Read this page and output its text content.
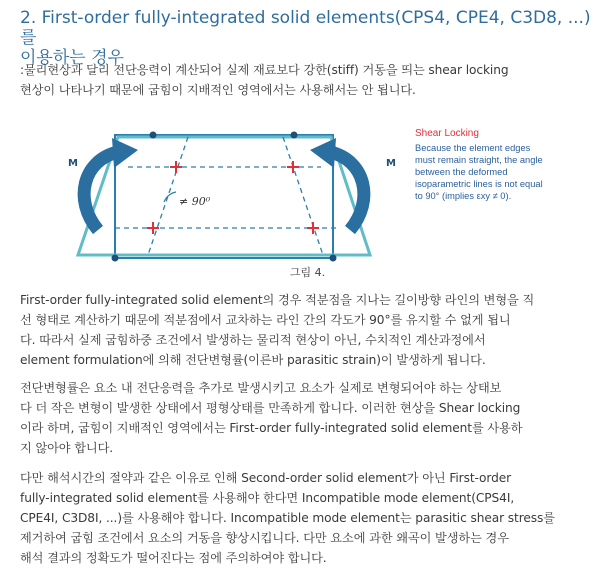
2. First-order fully-integrated solid elements(CPS4, CPE4, C3D8, ...)를
이용하는 경우
:물리현상과 달리 전단응력이 계산되어 실제 재료보다 강한(stiff) 거동을 띄는 shear locking
현상이 나타나기 때문에 굽힘이 지배적인 영역에서는 사용해서는 안 됩니다.
≠ 90⁰
M	M
Shear Locking
Because the element edges
must remain straight, the angle
between the deformed
isoparametric lines is not equal
to 90° (implies εxy ≠ 0).
그림 4.
First-order fully-integrated solid element의 경우 적분점을 지나는 길이방향 라인의 변형을 직
선 형태로 계산하기 때문에 적분점에서 교차하는 라인 간의 각도가 90°를 유지할 수 없게 됩니
다. 따라서 실제 굽힘하중 조건에서 발생하는 물리적 현상이 아닌, 수치적인 계산과정에서
element formulation에 의해 전단변형률(이른바 parasitic strain)이 발생하게 됩니다.
전단변형률은 요소 내 전단응력을 추가로 발생시키고 요소가 실제로 변형되어야 하는 상태보
다 더 작은 변형이 발생한 상태에서 평형상태를 만족하게 합니다. 이러한 현상을 Shear locking
이라 하며, 굽힘이 지배적인 영역에서는 First-order fully-integrated solid element를 사용하
지 않아야 합니다.
다만 해석시간의 절약과 같은 이유로 인해 Second-order solid element가 아닌 First-order
fully-integrated solid element를 사용해야 한다면 Incompatible mode element(CPS4I,
CPE4I, C3D8I, ...)를 사용해야 합니다. Incompatible mode element는 parasitic shear stress를
제거하여 굽힘 조건에서 요소의 거동을 향상시킵니다. 다만 요소에 과한 왜곡이 발생하는 경우
해석 결과의 정확도가 떨어진다는 점에 주의하여야 합니다.
